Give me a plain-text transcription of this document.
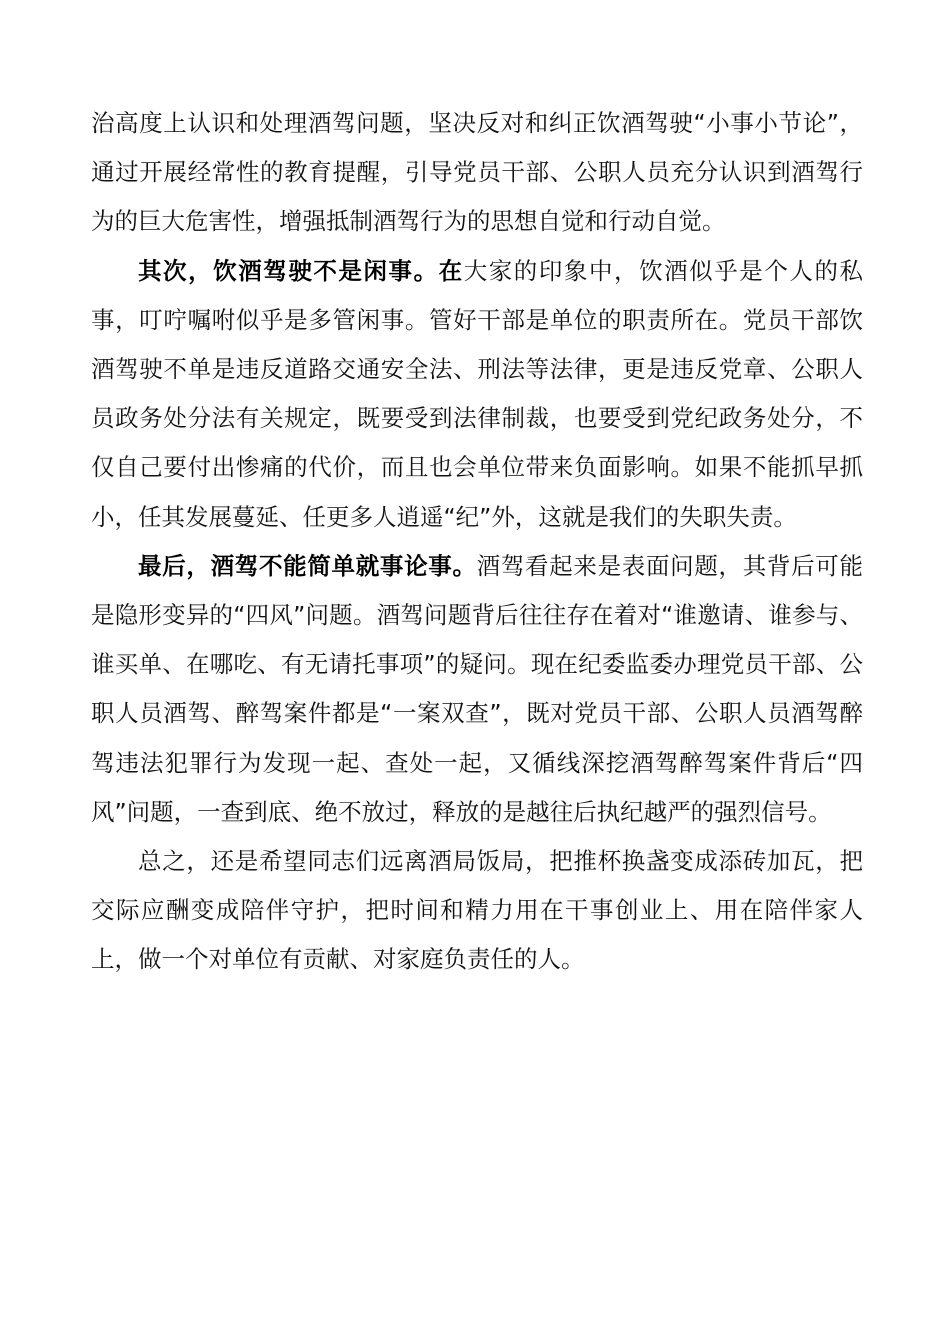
治高度上认识和处理酒驾问题，坚决反对和纠正饮酒驾驶“小事小节论”，通过开展经常性的教育提醒，引导党员干部、公职人员充分认识到酒驾行为的巨大危害性，增强抵制酒驾行为的思想自觉和行动自觉。

其次，饮酒驾驶不是闲事。在大家的印象中，饮酒似乎是个人的私事，叮咛嘱咐似乎是多管闲事。管好干部是单位的职责所在。党员干部饮酒驾驶不单是违反道路交通安全法、刑法等法律，更是违反党章、公职人员政务处分法有关规定，既要受到法律制裁，也要受到党纪政务处分，不仅自己要付出惨痛的代价，而且也会单位带来负面影响。如果不能抓早抓小，任其发展蔓延、任更多人逍遥“纪”外，这就是我们的失职失责。

最后，酒驾不能简单就事论事。酒驾看起来是表面问题，其背后可能是隐形变异的“四风”问题。酒驾问题背后往往存在着对“谁邀请、谁参与、谁买单、在哪吃、有无请托事项”的疑问。现在纪委监委办理党员干部、公职人员酒驾、醉驾案件都是“一案双查”，既对党员干部、公职人员酒驾醉驾违法犯罪行为发现一起、查处一起，又循线深挖酒驾醉驾案件背后“四风”问题，一查到底、绝不放过，释放的是越往后执纪越严的强烈信号。

总之，还是希望同志们远离酒局饭局，把推杯换盏变成添砖加瓦，把交际应酬变成陪伴守护，把时间和精力用在干事创业上、用在陪伴家人上，做一个对单位有贡献、对家庭负责任的人。
